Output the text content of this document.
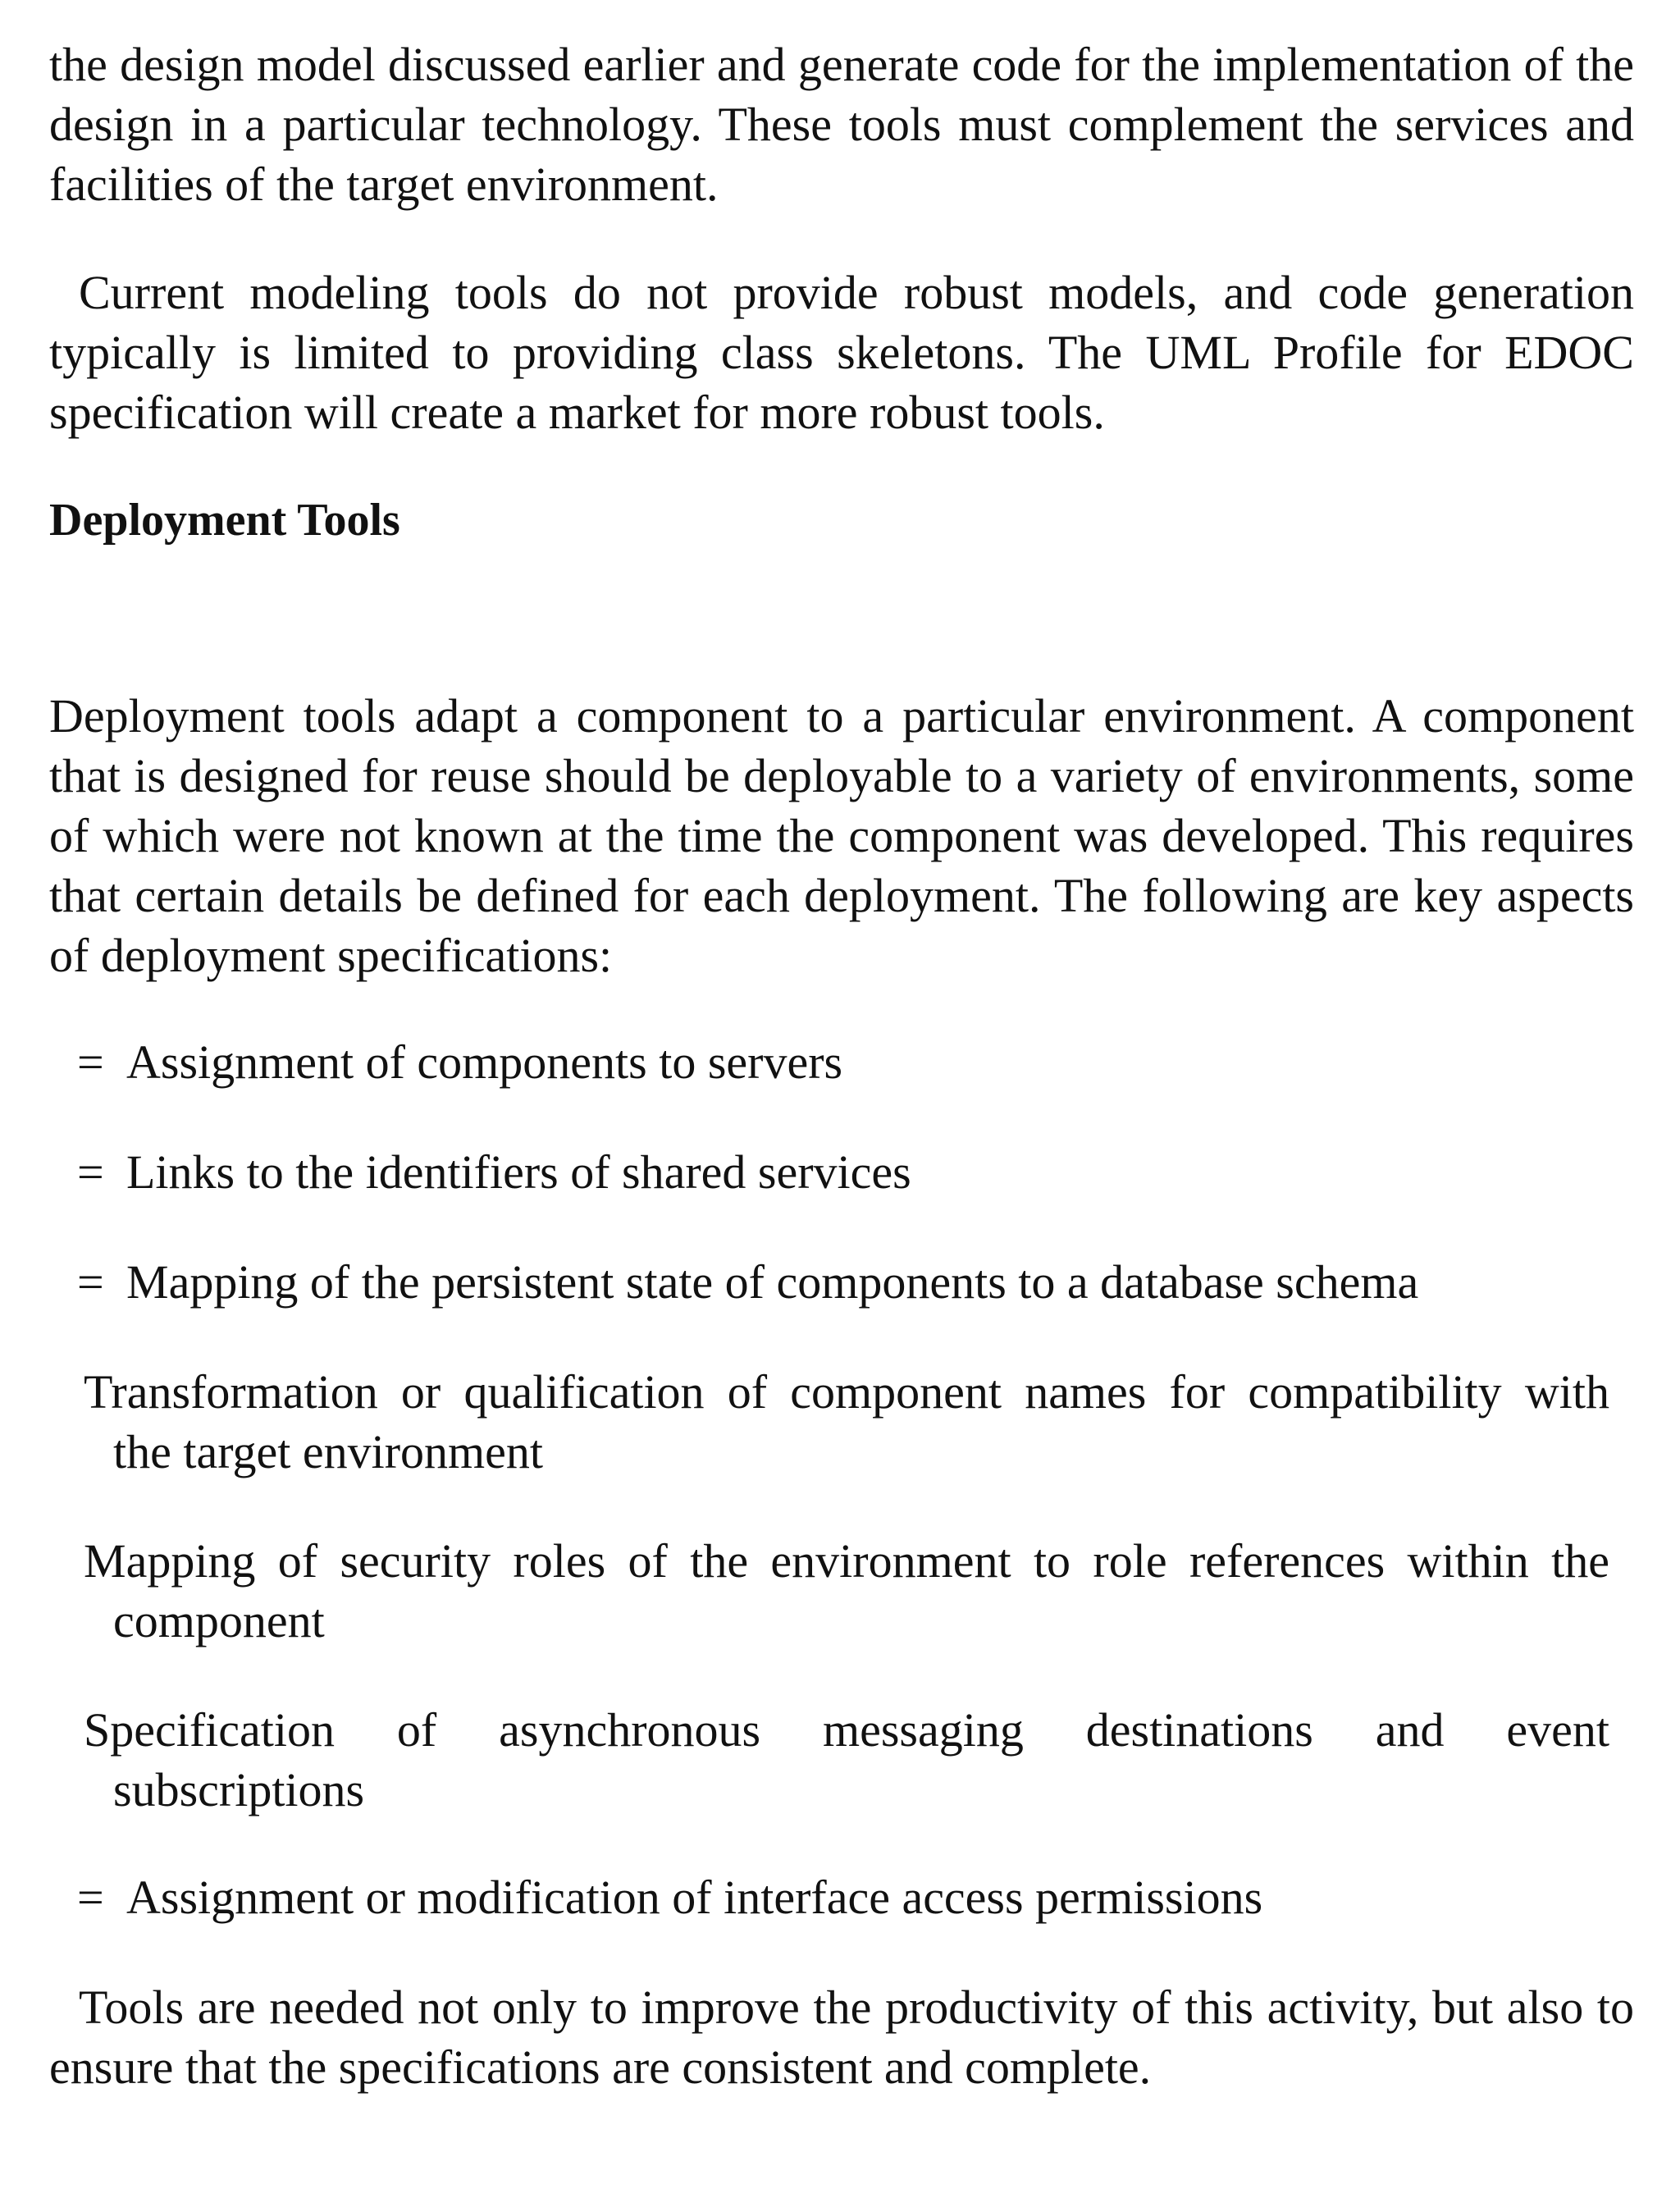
the design model discussed earlier and generate code for the implementation of the design in a particular technology. These tools must complement the services and facilities of the target environment.

Current modeling tools do not provide robust models, and code generation typically is limited to providing class skeletons. The UML Profile for EDOC specification will create a market for more robust tools.

Deployment Tools

Deployment tools adapt a component to a particular environment. A component that is designed for reuse should be deployable to a variety of environments, some of which were not known at the time the component was developed. This requires that certain details be defined for each deployment. The following are key aspects of deployment specifications:

= Assignment of components to servers

= Links to the identifiers of shared services

= Mapping of the persistent state of components to a database schema

Transformation or qualification of component names for compatibility with
the target environment
Mapping of security roles of the environment to role references within the
component
Specification of asynchronous messaging destinations and event
subscriptions

= Assignment or modification of interface access permissions

Tools are needed not only to improve the productivity of this activity, but also to ensure that the specifications are consistent and complete.
